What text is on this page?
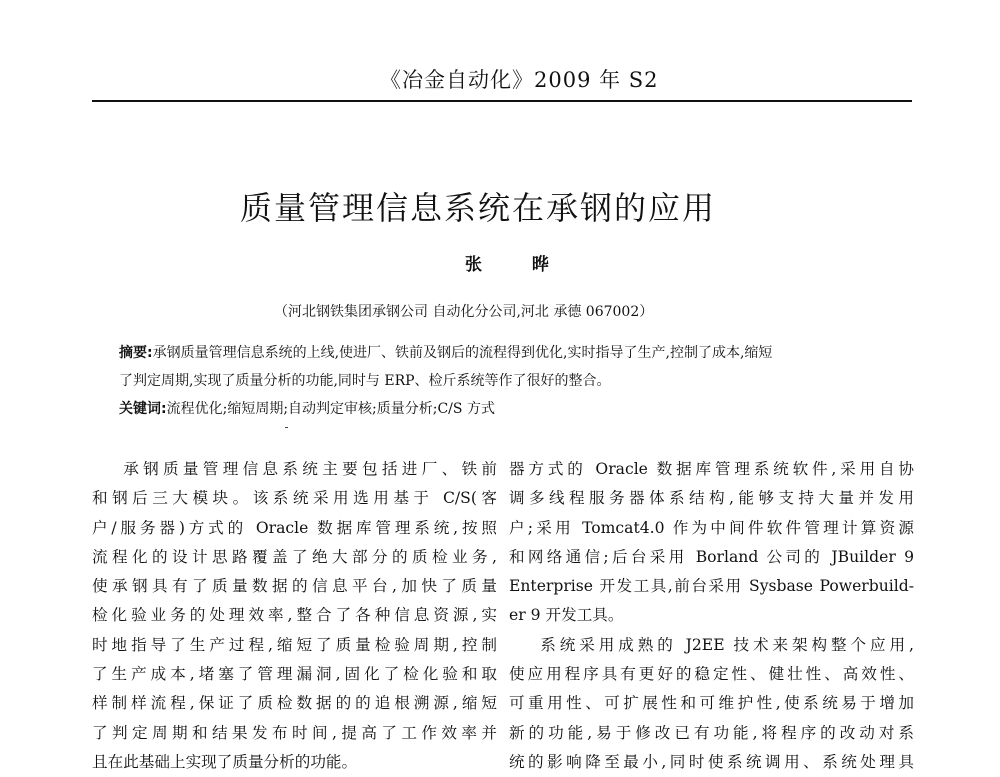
《冶金自动化》2009 年 S2
质量管理信息系统在承钢的应用
张 晔
（河北钢铁集团承钢公司 自动化分公司,河北 承德 067002）
摘要:承钢质量管理信息系统的上线,使进厂、铁前及钢后的流程得到优化,实时指导了生产,控制了成本,缩短
了判定周期,实现了质量分析的功能,同时与 ERP、检斤系统等作了很好的整合。
关键词:流程优化;缩短周期;自动判定审核;质量分析;C/S 方式

承钢质量管理信息系统主要包括进厂、铁前

和钢后三大模块。该系统采用选用基于 C/S(客

户/服务器)方式的 Oracle 数据库管理系统,按照

流程化的设计思路覆盖了绝大部分的质检业务,

使承钢具有了质量数据的信息平台,加快了质量

检化验业务的处理效率,整合了各种信息资源,实

时地指导了生产过程,缩短了质量检验周期,控制

了生产成本,堵塞了管理漏洞,固化了检化验和取

样制样流程,保证了质检数据的的追根溯源,缩短

了判定周期和结果发布时间,提高了工作效率并

且在此基础上实现了质量分析的功能。

器方式的 Oracle 数据库管理系统软件,采用自协

调多线程服务器体系结构,能够支持大量并发用

户;采用 Tomcat4.0 作为中间件软件管理计算资源

和网络通信;后台采用 Borland 公司的 JBuilder 9

Enterprise 开发工具,前台采用 Sysbase Powerbuild-

er 9 开发工具。

系统采用成熟的 J2EE 技术来架构整个应用,

使应用程序具有更好的稳定性、健壮性、高效性、

可重用性、可扩展性和可维护性,使系统易于增加

新的功能,易于修改已有功能,将程序的改动对系

统的影响降至最小,同时使系统调用、系统处理具
